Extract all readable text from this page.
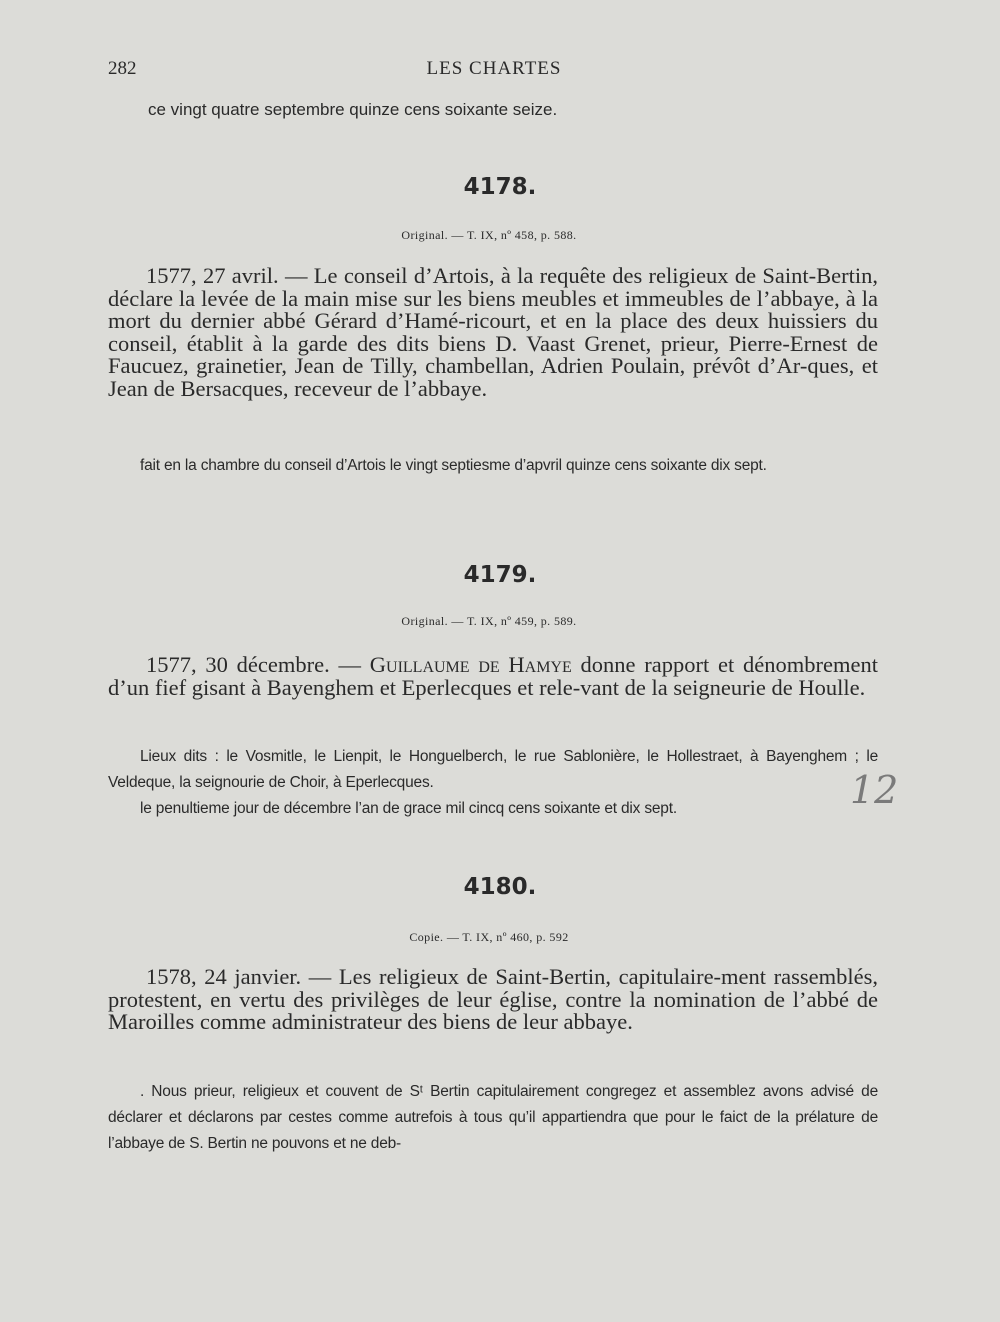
282	LES CHARTES
ce vingt quatre septembre quinze cens soixante seize.
4178.
Original. — T. IX, nº 458, p. 588.

1577, 27 avril. — Le conseil d’Artois, à la requête des religieux de Saint-Bertin, déclare la levée de la main mise sur les biens meubles et immeubles de l’abbaye, à la mort du dernier abbé Gérard d’Hamé-ricourt, et en la place des deux huissiers du conseil, établit à la garde des dits biens D. Vaast Grenet, prieur, Pierre-Ernest de Faucuez, grainetier, Jean de Tilly, chambellan, Adrien Poulain, prévôt d’Ar-ques, et Jean de Bersacques, receveur de l’abbaye.

fait en la chambre du conseil d’Artois le vingt septiesme d’apvril quinze cens soixante dix sept.

4179.
Original. — T. IX, nº 459, p. 589.

1577, 30 décembre. — Guillaume de Hamye donne rapport et dénombrement d’un fief gisant à Bayenghem et Eperlecques et rele-vant de la seigneurie de Houlle.

Lieux dits : le Vosmitle, le Lienpit, le Honguelberch, le rue Sablonière, le Hollestraet, à Bayenghem ; le Veldeque, la seignourie de Choir, à Eperlecques.

le penultieme jour de décembre l’an de grace mil cincq cens soixante et dix sept.	12
4180.
Copie. — T. IX, nº 460, p. 592

1578, 24 janvier. — Les religieux de Saint-Bertin, capitulaire-ment rassemblés, protestent, en vertu des privilèges de leur église, contre la nomination de l’abbé de Maroilles comme administrateur des biens de leur abbaye.

. Nous prieur, religieux et couvent de Sᵗ Bertin capitulairement congregez et assemblez avons advisé de déclarer et déclarons par cestes comme autrefois à tous qu’il appartiendra que pour le faict de la prélature de l’abbaye de S. Bertin ne pouvons et ne deb-
